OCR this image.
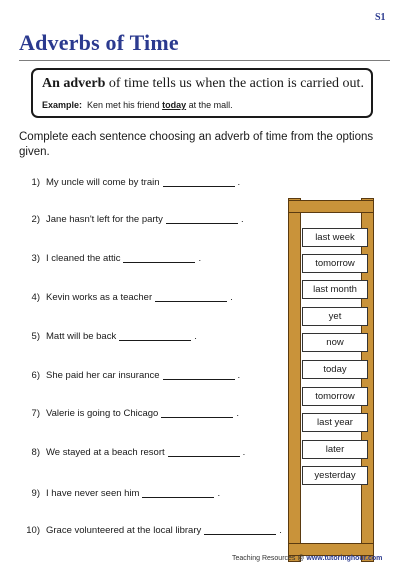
S1
Adverbs of Time
An adverb of time tells us when the action is carried out.
Example: Ken met his friend today at the mall.
Complete each sentence choosing an adverb of time from the options given.
1) My uncle will come by train	.
2) Jane hasn't left for the party	.
3) I cleaned the attic	.
4) Kevin works as a teacher	.
5) Matt will be back	.
6) She paid her car insurance	.
7) Valerie is going to Chicago	.
8) We stayed at a beach resort	.
9) I have never seen him	.
10) Grace volunteered at the local library	.
last week
tomorrow
last month
yet
now
today
tomorrow
last year
later
yesterday
Teaching Resources @ www.tutoringhour.com
